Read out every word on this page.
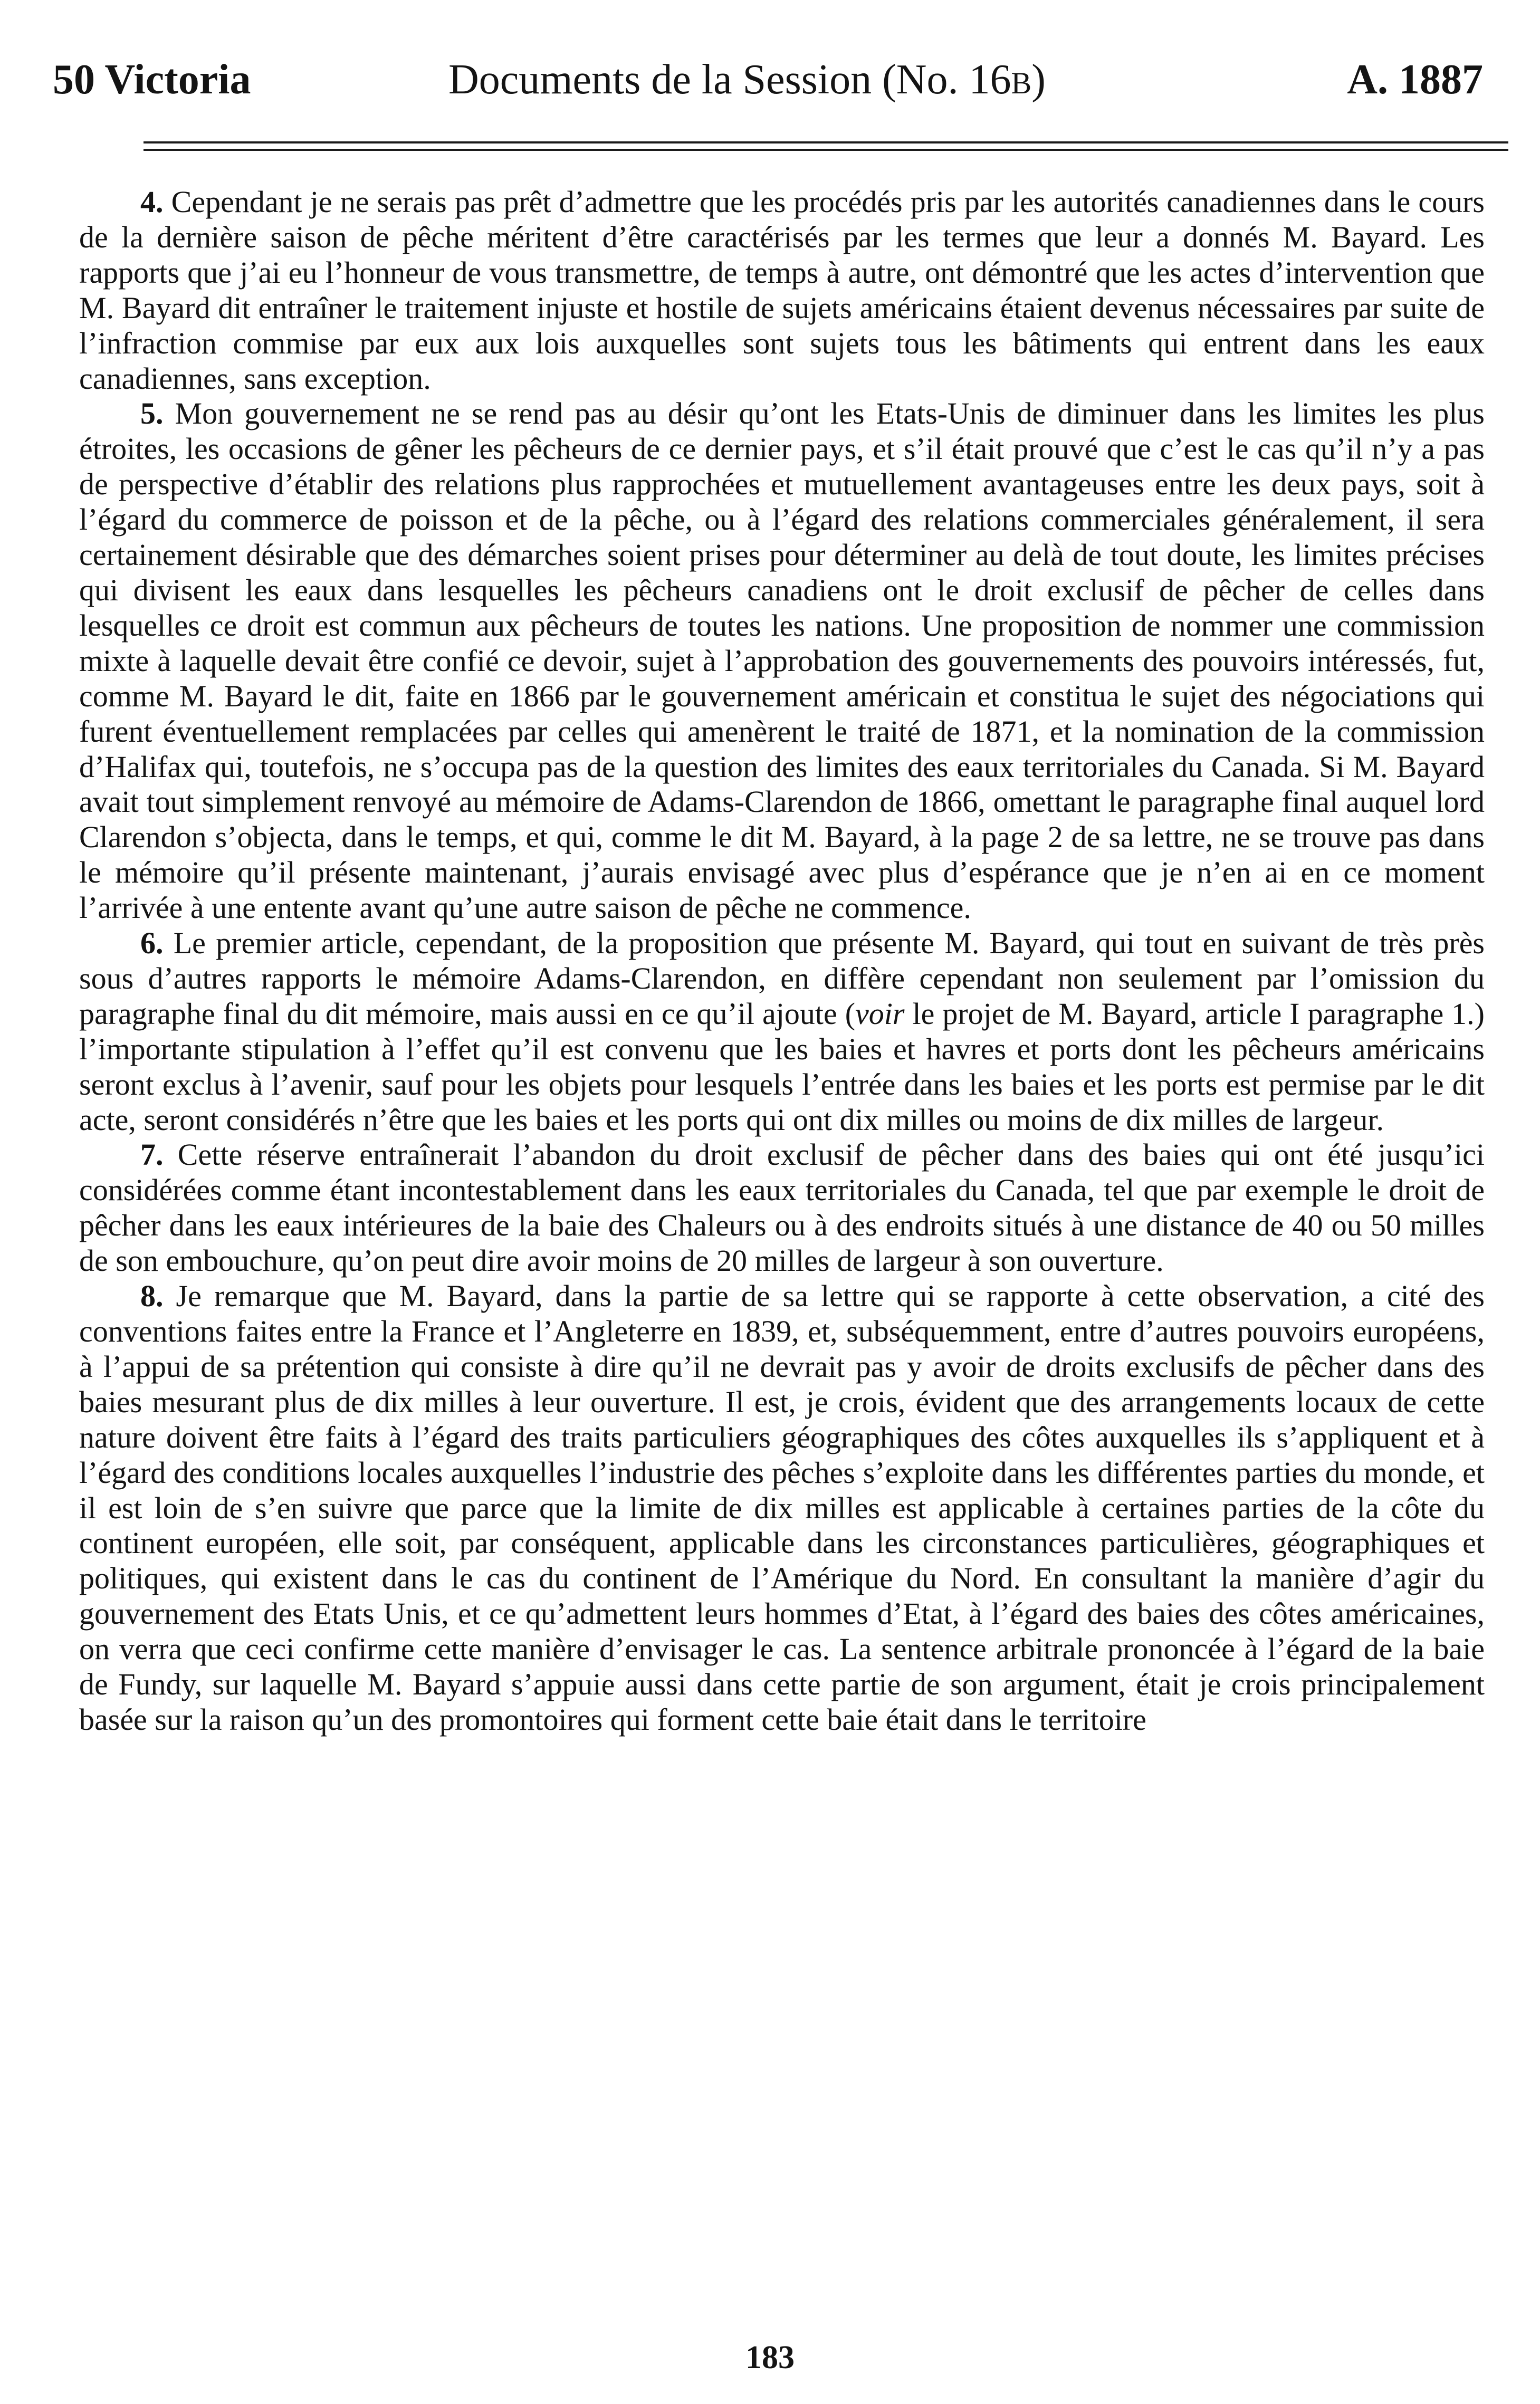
50 Victoria	Documents de la Session (No. 16B)	A. 1887

4. Cependant je ne serais pas prêt d’admettre que les procédés pris par les autorités canadiennes dans le cours de la dernière saison de pêche méritent d’être caractérisés par les termes que leur a donnés M. Bayard. Les rapports que j’ai eu l’honneur de vous transmettre, de temps à autre, ont démontré que les actes d’intervention que M. Bayard dit entraîner le traitement injuste et hostile de sujets américains étaient devenus nécessaires par suite de l’infraction commise par eux aux lois auxquelles sont sujets tous les bâtiments qui entrent dans les eaux canadiennes, sans exception.

5. Mon gouvernement ne se rend pas au désir qu’ont les Etats-Unis de diminuer dans les limites les plus étroites, les occasions de gêner les pêcheurs de ce dernier pays, et s’il était prouvé que c’est le cas qu’il n’y a pas de perspective d’établir des relations plus rapprochées et mutuellement avantageuses entre les deux pays, soit à l’égard du commerce de poisson et de la pêche, ou à l’égard des relations commerciales généralement, il sera certainement désirable que des démarches soient prises pour déterminer au delà de tout doute, les limites précises qui divisent les eaux dans lesquelles les pêcheurs canadiens ont le droit exclusif de pêcher de celles dans lesquelles ce droit est commun aux pêcheurs de toutes les nations. Une proposition de nommer une commission mixte à laquelle devait être confié ce devoir, sujet à l’approbation des gouvernements des pouvoirs intéressés, fut, comme M. Bayard le dit, faite en 1866 par le gouvernement américain et constitua le sujet des négociations qui furent éventuellement remplacées par celles qui amenèrent le traité de 1871, et la nomination de la commission d’Halifax qui, toutefois, ne s’occupa pas de la question des limites des eaux territoriales du Canada. Si M. Bayard avait tout simplement renvoyé au mémoire de Adams-Clarendon de 1866, omettant le paragraphe final auquel lord Clarendon s’objecta, dans le temps, et qui, comme le dit M. Bayard, à la page 2 de sa lettre, ne se trouve pas dans le mémoire qu’il présente maintenant, j’aurais envisagé avec plus d’espérance que je n’en ai en ce moment l’arrivée à une entente avant qu’une autre saison de pêche ne commence.

6. Le premier article, cependant, de la proposition que présente M. Bayard, qui tout en suivant de très près sous d’autres rapports le mémoire Adams-Clarendon, en diffère cependant non seulement par l’omission du paragraphe final du dit mémoire, mais aussi en ce qu’il ajoute (voir le projet de M. Bayard, article I paragraphe 1.) l’importante stipulation à l’effet qu’il est convenu que les baies et havres et ports dont les pêcheurs américains seront exclus à l’avenir, sauf pour les objets pour lesquels l’entrée dans les baies et les ports est permise par le dit acte, seront considérés n’être que les baies et les ports qui ont dix milles ou moins de dix milles de largeur.

7. Cette réserve entraînerait l’abandon du droit exclusif de pêcher dans des baies qui ont été jusqu’ici considérées comme étant incontestablement dans les eaux territoriales du Canada, tel que par exemple le droit de pêcher dans les eaux intérieures de la baie des Chaleurs ou à des endroits situés à une distance de 40 ou 50 milles de son embouchure, qu’on peut dire avoir moins de 20 milles de largeur à son ouverture.

8. Je remarque que M. Bayard, dans la partie de sa lettre qui se rapporte à cette observation, a cité des conventions faites entre la France et l’Angleterre en 1839, et, subséquemment, entre d’autres pouvoirs européens, à l’appui de sa prétention qui consiste à dire qu’il ne devrait pas y avoir de droits exclusifs de pêcher dans des baies mesurant plus de dix milles à leur ouverture. Il est, je crois, évident que des arrangements locaux de cette nature doivent être faits à l’égard des traits particuliers géographiques des côtes auxquelles ils s’appliquent et à l’égard des conditions locales auxquelles l’industrie des pêches s’exploite dans les différentes parties du monde, et il est loin de s’en suivre que parce que la limite de dix milles est applicable à certaines parties de la côte du continent européen, elle soit, par conséquent, applicable dans les circonstances particulières, géographiques et politiques, qui existent dans le cas du continent de l’Amérique du Nord. En consultant la manière d’agir du gouvernement des Etats Unis, et ce qu’admettent leurs hommes d’Etat, à l’égard des baies des côtes américaines, on verra que ceci confirme cette manière d’envisager le cas. La sentence arbitrale prononcée à l’égard de la baie de Fundy, sur laquelle M. Bayard s’appuie aussi dans cette partie de son argument, était je crois principalement basée sur la raison qu’un des promontoires qui forment cette baie était dans le territoire

183
